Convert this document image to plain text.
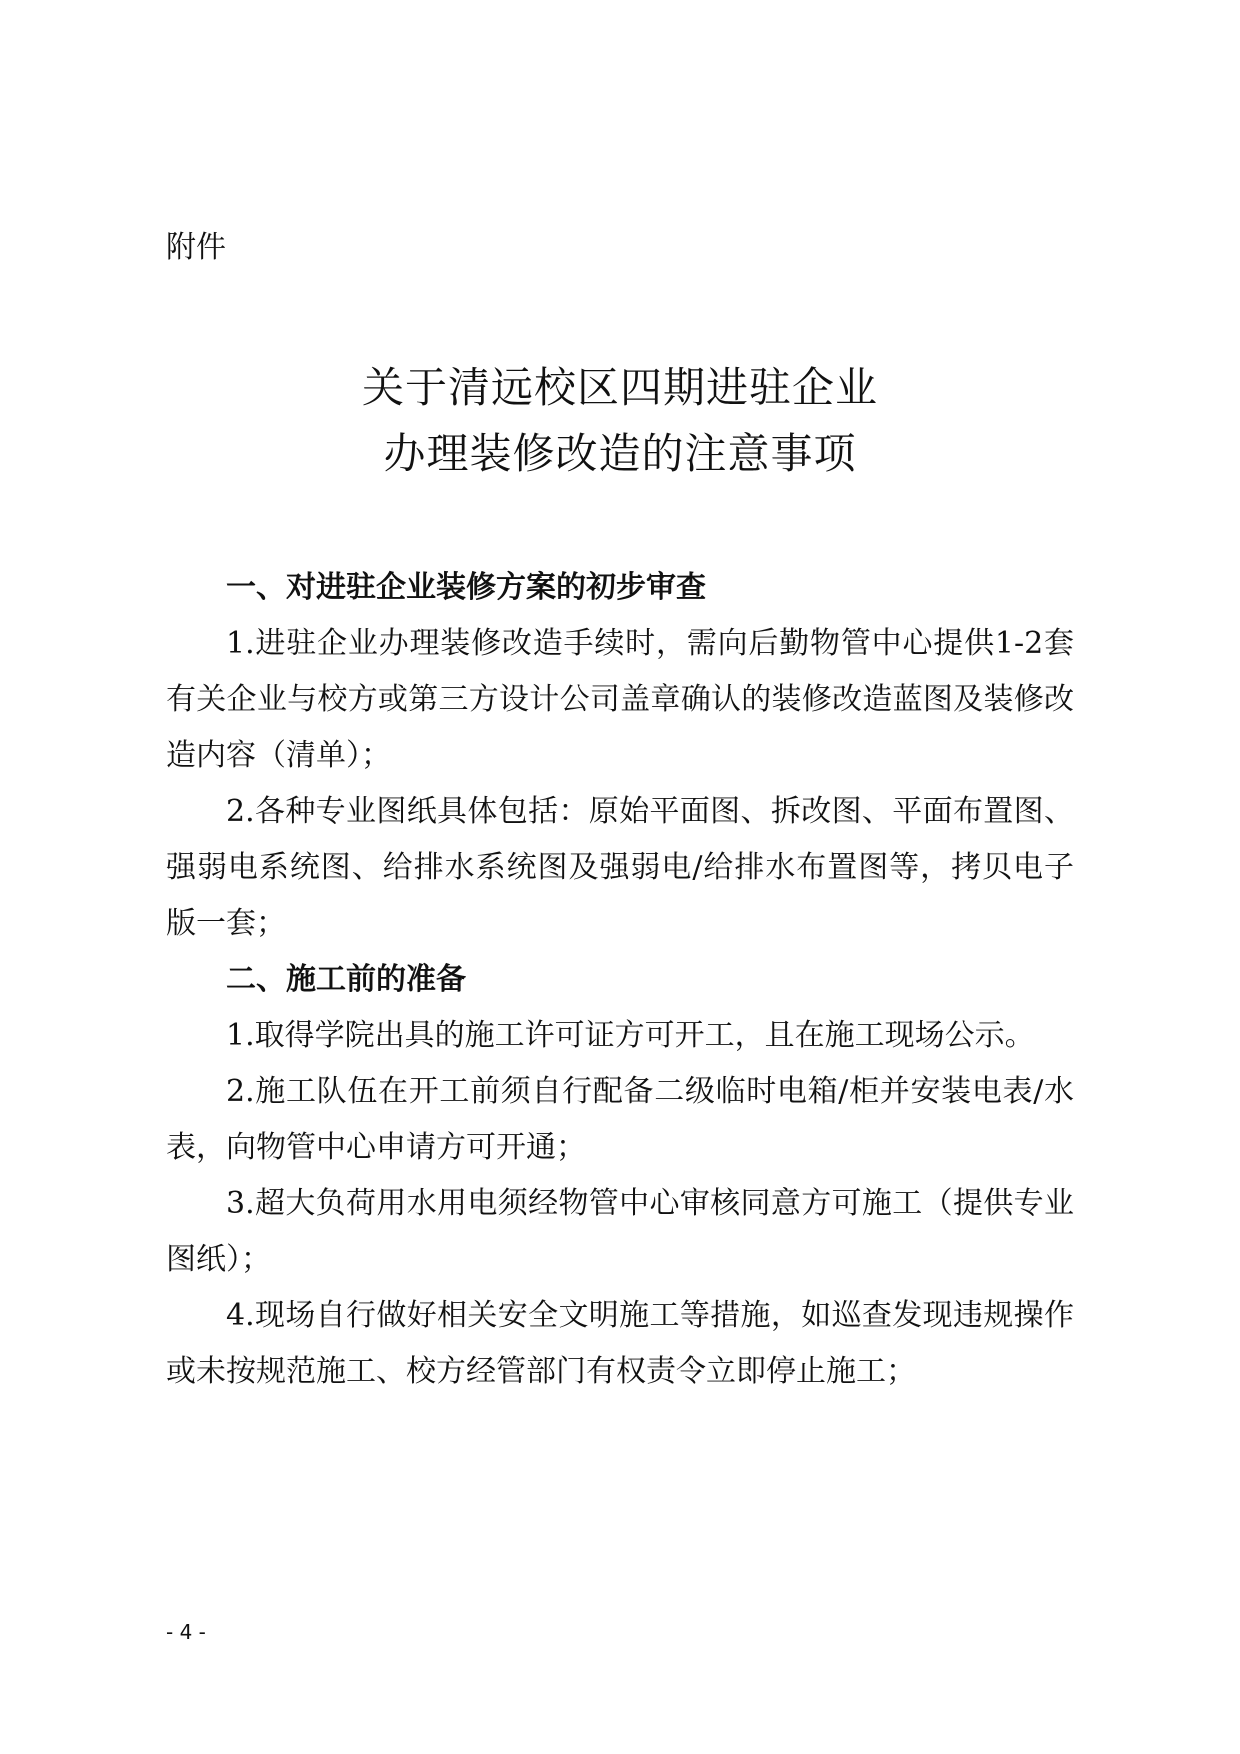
附件
关于清远校区四期进驻企业
办理装修改造的注意事项
一、对进驻企业装修方案的初步审查

1.进驻企业办理装修改造手续时，需向后勤物管中心提供1-2套有关企业与校方或第三方设计公司盖章确认的装修改造蓝图及装修改造内容（清单）；

2.各种专业图纸具体包括：原始平面图、拆改图、平面布置图、强弱电系统图、给排水系统图及强弱电/给排水布置图等，拷贝电子版一套；

二、施工前的准备

1.取得学院出具的施工许可证方可开工，且在施工现场公示。

2.施工队伍在开工前须自行配备二级临时电箱/柜并安装电表/水表，向物管中心申请方可开通；

3.超大负荷用水用电须经物管中心审核同意方可施工（提供专业图纸）；

4.现场自行做好相关安全文明施工等措施，如巡查发现违规操作或未按规范施工、校方经管部门有权责令立即停止施工；

- 4 -
